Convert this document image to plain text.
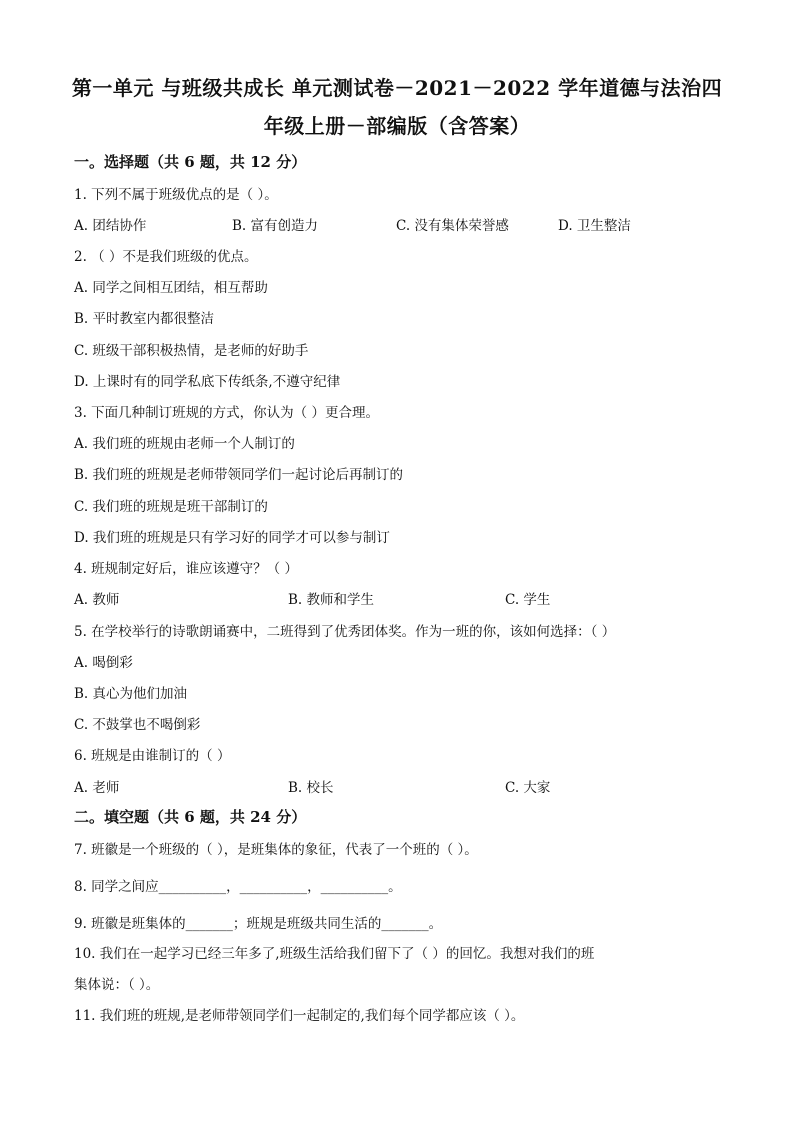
第一单元 与班级共成长 单元测试卷－2021－2022 学年道德与法治四
年级上册－部编版（含答案）
一。选择题（共 6 题，共 12 分）
1. 下列不属于班级优点的是（ ）。
A. 团结协作	B. 富有创造力	C. 没有集体荣誉感	D. 卫生整洁
2. （ ）不是我们班级的优点。
A. 同学之间相互团结，相互帮助
B. 平时教室内都很整洁
C. 班级干部积极热情，是老师的好助手
D. 上课时有的同学私底下传纸条,不遵守纪律
3. 下面几种制订班规的方式，你认为（ ）更合理。
A. 我们班的班规由老师一个人制订的
B. 我们班的班规是老师带领同学们一起讨论后再制订的
C. 我们班的班规是班干部制订的
D. 我们班的班规是只有学习好的同学才可以参与制订
4. 班规制定好后，谁应该遵守？（ ）
A. 教师	B. 教师和学生	C. 学生
5. 在学校举行的诗歌朗诵赛中，二班得到了优秀团体奖。作为一班的你，该如何选择：（ ）
A. 喝倒彩
B. 真心为他们加油
C. 不鼓掌也不喝倒彩
6. 班规是由谁制订的（ ）
A. 老师	B. 校长	C. 大家
二。填空题（共 6 题，共 24 分）
7. 班徽是一个班级的（ ），是班集体的象征，代表了一个班的（ ）。
8. 同学之间应__________，__________，__________。
9. 班徽是班集体的_______；班规是班级共同生活的_______。
10. 我们在一起学习已经三年多了,班级生活给我们留下了（ ）的回忆。我想对我们的班
集体说：（ ）。
11. 我们班的班规,是老师带领同学们一起制定的,我们每个同学都应该（ ）。
